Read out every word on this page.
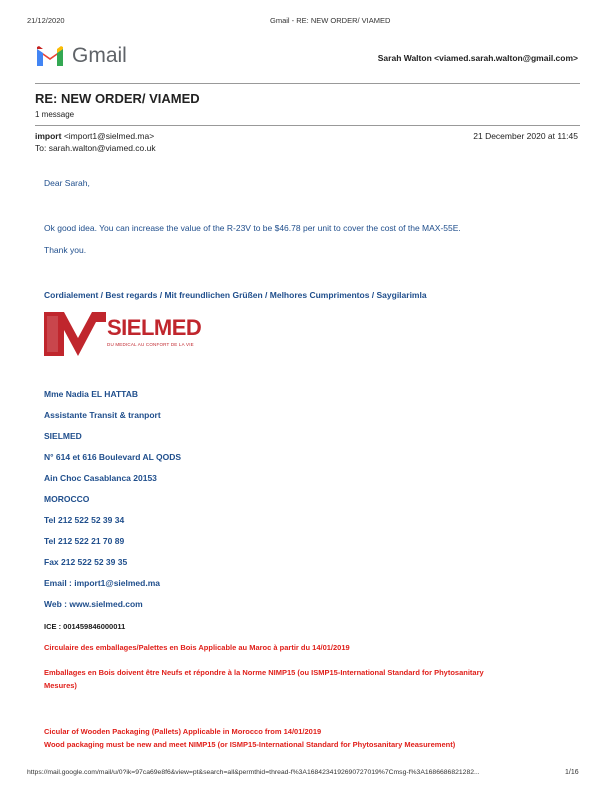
21/12/2020	Gmail - RE: NEW ORDER/ VIAMED
Gmail	Sarah Walton <viamed.sarah.walton@gmail.com>
RE: NEW ORDER/ VIAMED
1 message
import <import1@sielmed.ma>	21 December 2020 at 11:45
To: sarah.walton@viamed.co.uk
Dear Sarah,
Ok good idea. You can increase the value of the R-23V to be $46.78 per unit to cover the cost of the MAX-55E.
Thank you.
Cordialement / Best regards / Mit freundlichen Grüßen / Melhores Cumprimentos / Saygilarimla
SIELMED
DU MEDICAL AU CONFORT DE LA VIE
Mme Nadia EL HATTAB
Assistante Transit & tranport
SIELMED
N° 614 et 616 Boulevard AL QODS
Ain Choc Casablanca 20153
MOROCCO
Tel 212 522 52 39 34
Tel 212 522 21 70 89
Fax 212 522 52 39 35
Email : import1@sielmed.ma
Web : www.sielmed.com
ICE : 001459846000011
Circulaire des emballages/Palettes en Bois Applicable au Maroc à partir du 14/01/2019
Emballages en Bois doivent être Neufs et répondre à la Norme NIMP15 (ou ISMP15-International Standard for Phytosanitary
Mesures)
Cicular of Wooden Packaging (Pallets) Applicable in Morocco from 14/01/2019
Wood packaging must be new and meet NIMP15 (or ISMP15-International Standard for Phytosanitary Measurement)
https://mail.google.com/mail/u/0?ik=97ca69e8f6&view=pt&search=all&permthid=thread-f%3A1684234192690727019%7Cmsg-f%3A1686686821282...	1/16
